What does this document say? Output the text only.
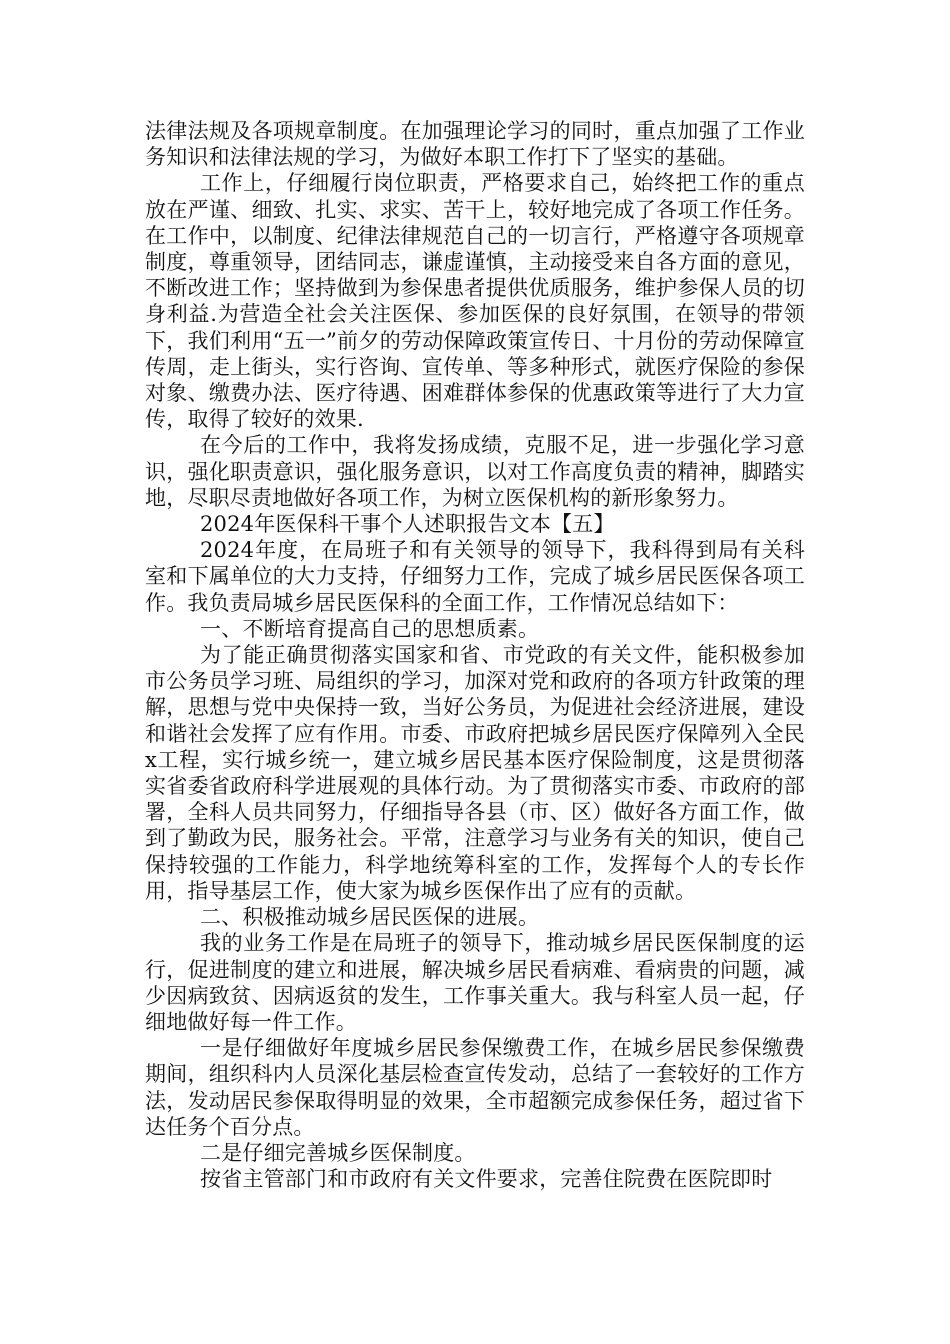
法律法规及各项规章制度。在加强理论学习的同时，重点加强了工作业务知识和法律法规的学习，为做好本职工作打下了坚实的基础。

工作上，仔细履行岗位职责，严格要求自己，始终把工作的重点放在严谨、细致、扎实、求实、苦干上，较好地完成了各项工作任务。在工作中，以制度、纪律法律规范自己的一切言行，严格遵守各项规章制度，尊重领导，团结同志，谦虚谨慎，主动接受来自各方面的意见，不断改进工作；坚持做到为参保患者提供优质服务，维护参保人员的切身利益.为营造全社会关注医保、参加医保的良好氛围，在领导的带领下，我们利用“五一”前夕的劳动保障政策宣传日、十月份的劳动保障宣传周，走上街头，实行咨询、宣传单、等多种形式，就医疗保险的参保对象、缴费办法、医疗待遇、困难群体参保的优惠政策等进行了大力宣传，取得了较好的效果.

在今后的工作中，我将发扬成绩，克服不足，进一步强化学习意识，强化职责意识，强化服务意识，以对工作高度负责的精神，脚踏实地，尽职尽责地做好各项工作，为树立医保机构的新形象努力。

2024年医保科干事个人述职报告文本【五】

2024年度，在局班子和有关领导的领导下，我科得到局有关科室和下属单位的大力支持，仔细努力工作，完成了城乡居民医保各项工作。我负责局城乡居民医保科的全面工作，工作情况总结如下：

一、不断培育提高自己的思想质素。

为了能正确贯彻落实国家和省、市党政的有关文件，能积极参加市公务员学习班、局组织的学习，加深对党和政府的各项方针政策的理解，思想与党中央保持一致，当好公务员，为促进社会经济进展，建设和谐社会发挥了应有作用。市委、市政府把城乡居民医疗保障列入全民x工程，实行城乡统一，建立城乡居民基本医疗保险制度，这是贯彻落实省委省政府科学进展观的具体行动。为了贯彻落实市委、市政府的部署，全科人员共同努力，仔细指导各县（市、区）做好各方面工作，做到了勤政为民，服务社会。平常，注意学习与业务有关的知识，使自己保持较强的工作能力，科学地统筹科室的工作，发挥每个人的专长作用，指导基层工作，使大家为城乡医保作出了应有的贡献。

二、积极推动城乡居民医保的进展。

我的业务工作是在局班子的领导下，推动城乡居民医保制度的运行，促进制度的建立和进展，解决城乡居民看病难、看病贵的问题，减少因病致贫、因病返贫的发生，工作事关重大。我与科室人员一起，仔细地做好每一件工作。

一是仔细做好年度城乡居民参保缴费工作，在城乡居民参保缴费期间，组织科内人员深化基层检查宣传发动，总结了一套较好的工作方法，发动居民参保取得明显的效果，全市超额完成参保任务，超过省下达任务个百分点。

二是仔细完善城乡医保制度。

按省主管部门和市政府有关文件要求，完善住院费在医院即时
